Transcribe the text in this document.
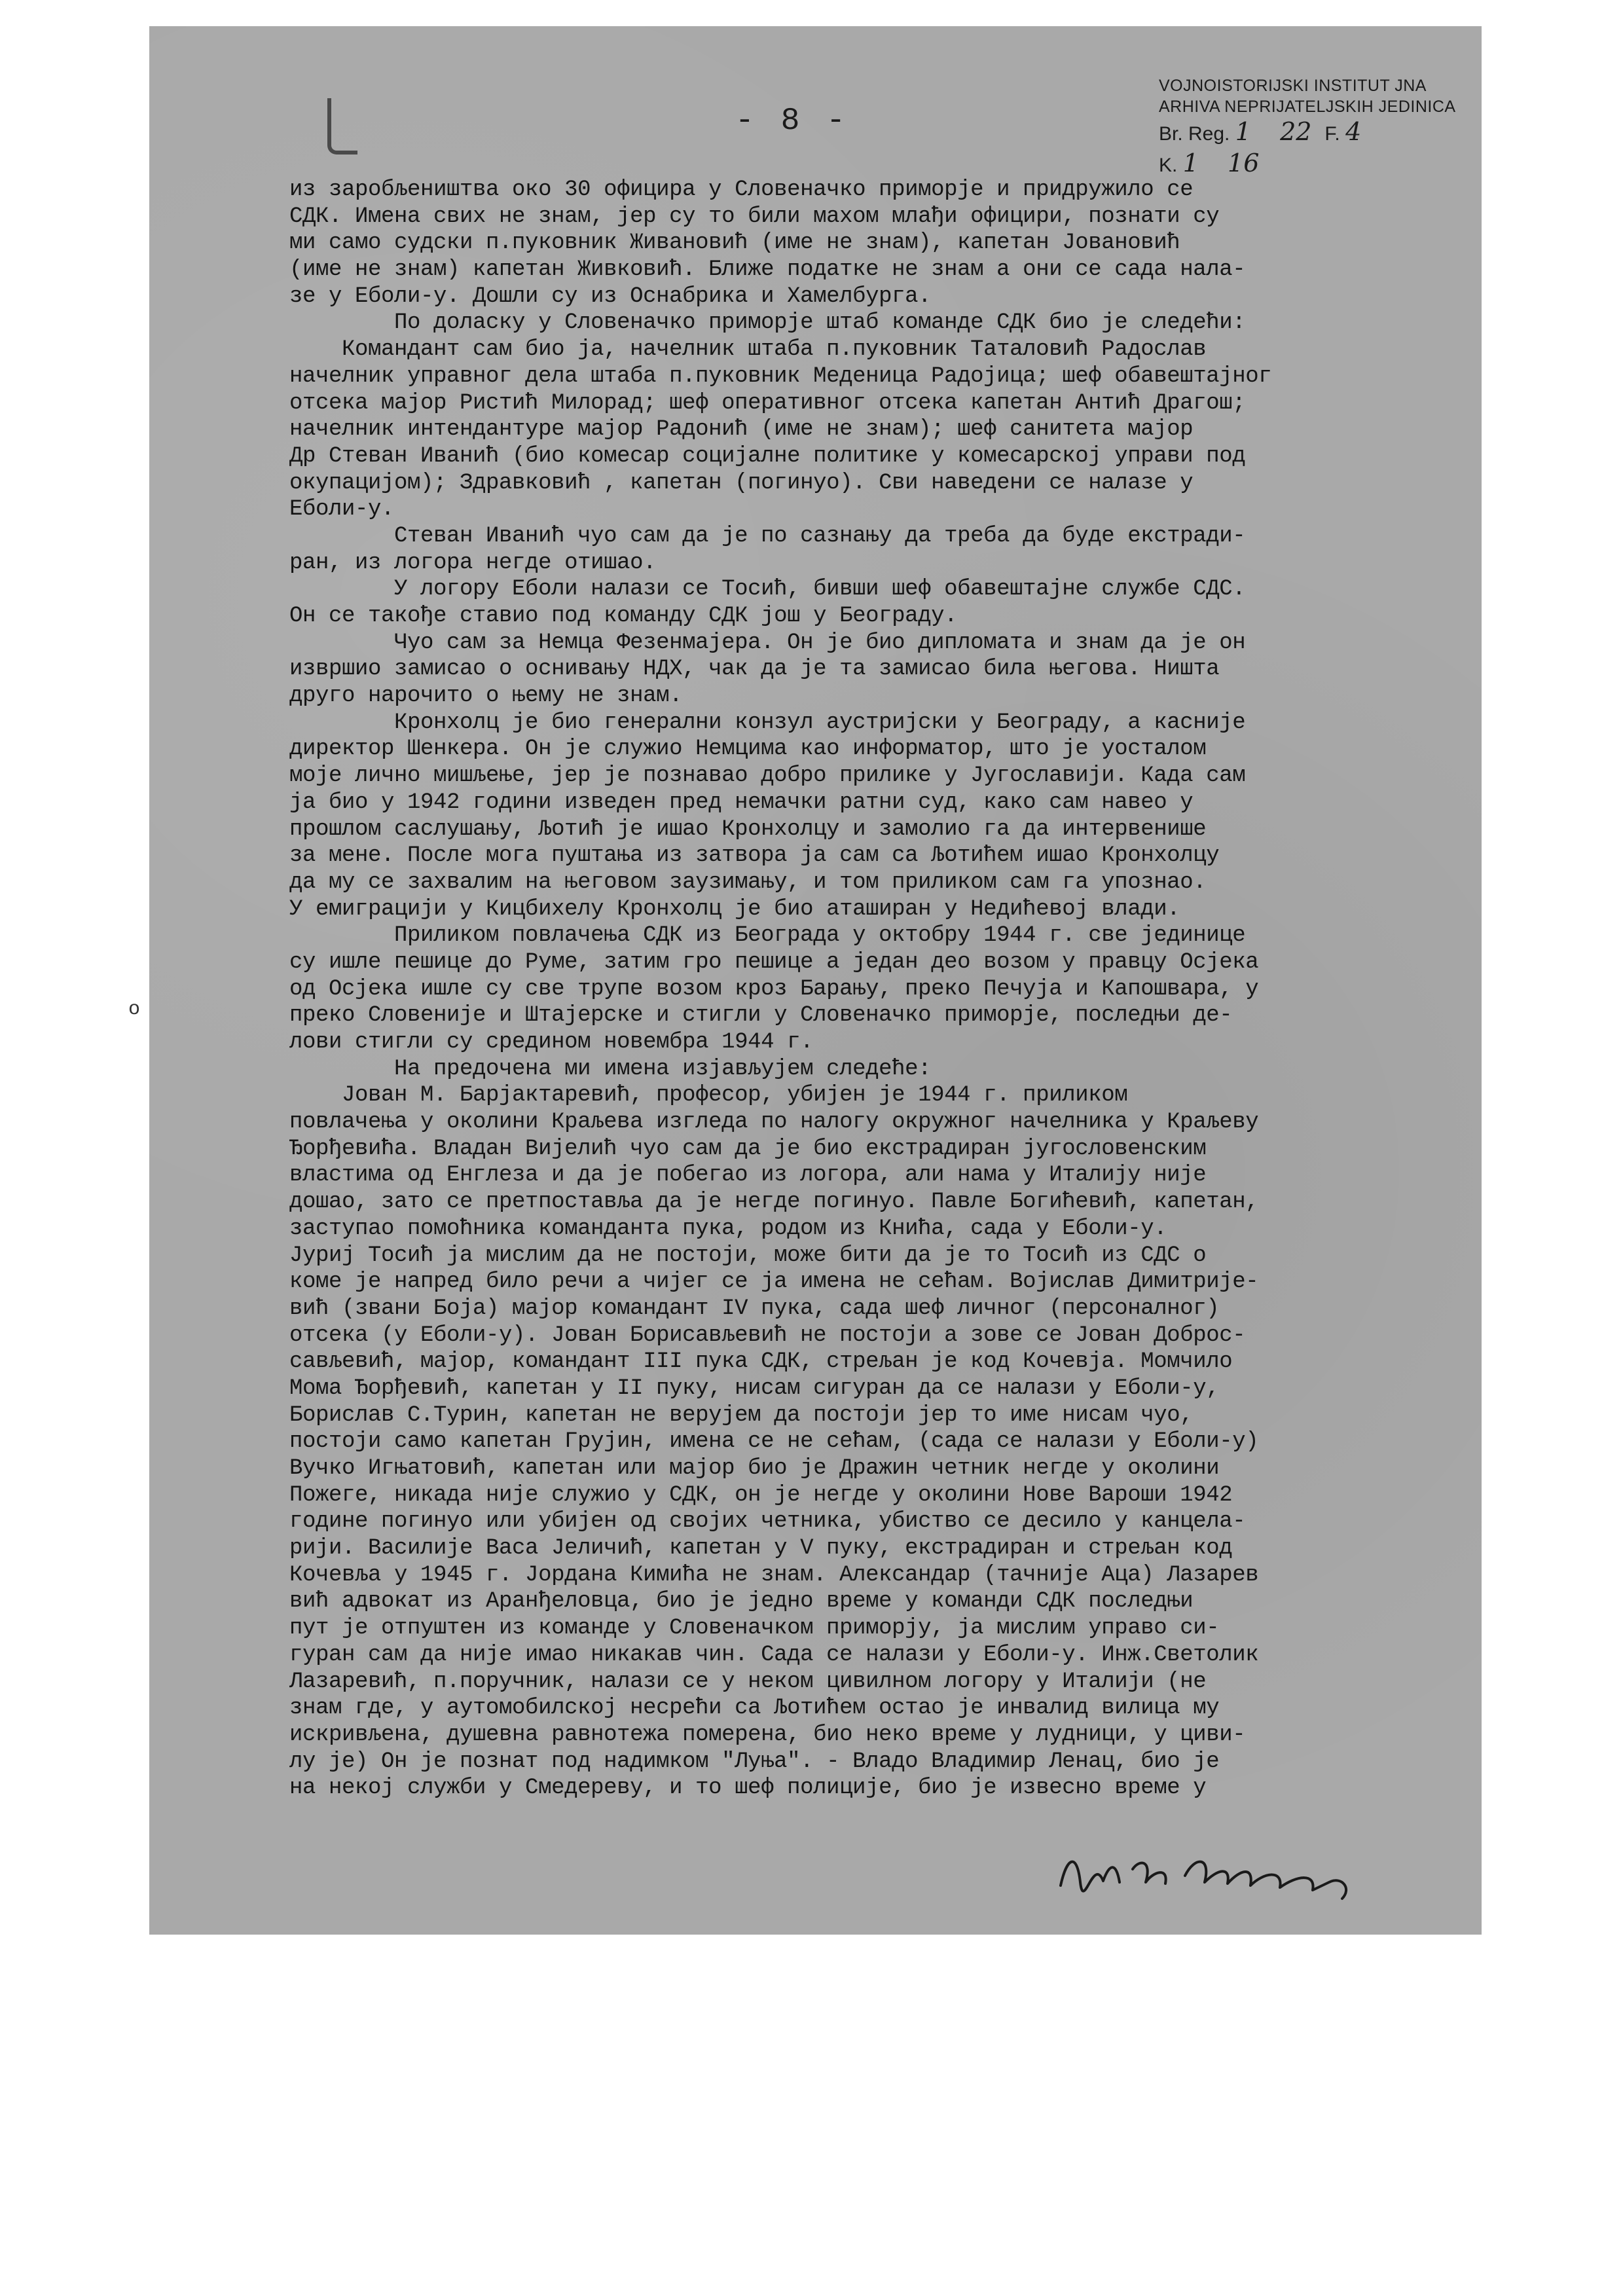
- 8 -
o
VOJNOISTORIJSKI INSTITUT JNA
ARHIVA NEPRIJATELJSKIH JEDINICA
Br. Reg. 1 22 F. 4
K. 1 16
из заробљеништва око 30 официра у Словеначко приморје и придружило се
СДК. Имена свих не знам, јер су то били махом млађи официри, познати су
ми само судски п.пуковник Живановић (име не знам), капетан Јовановић
(име не знам) капетан Живковић. Ближе податке не знам а они се сада нала-
зе у Еболи-у. Дошли су из Оснабрика и Хамелбурга.
По доласку у Словеначко приморје штаб команде СДК био је следећи:
Командант сам био ја, начелник штаба п.пуковник Таталовић Радослав
начелник управног дела штаба п.пуковник Меденица Радојица; шеф обавештајног
отсека мајор Ристић Милорад; шеф оперативног отсека капетан Антић Драгош;
начелник интендантуре мајор Радонић (име не знам); шеф санитета мајор
Др Стеван Иванић (био комесар социјалне политике у комесарској управи под
окупацијом); Здравковић , капетан (погинуо). Сви наведени се налазе у
Еболи-у.
Стеван Иванић чуо сам да је по сазнању да треба да буде екстради-
ран, из логора негде отишао.
У логору Еболи налази се Тосић, бивши шеф обавештајне службе СДС.
Он се такође ставио под команду СДК још у Београду.
Чуо сам за Немца Фезенмајера. Он је био дипломата и знам да је он
извршио замисао о оснивању НДХ, чак да је та замисао била његова. Ништа
друго нарочито о њему не знам.
Кронхолц је био генерални конзул аустријски у Београду, а касније
директор Шенкера. Он је служио Немцима као информатор, што је уосталом
моје лично мишљење, јер је познавао добро прилике у Југославији. Када сам
ја био у 1942 години изведен пред немачки ратни суд, како сам навео у
прошлом саслушању, Љотић је ишао Кронхолцу и замолио га да интервенише
за мене. После мога пуштања из затвора ја сам са Љотићем ишао Кронхолцу
да му се захвалим на његовом заузимању, и том приликом сам га упознао.
У емиграцији у Кицбихелу Кронхолц је био аташиран у Недићевој влади.
Приликом повлачења СДК из Београда у октобру 1944 г. све јединице
су ишле пешице до Руме, затим гро пешице а један део возом у правцу Осјека
од Осјека ишле су све трупе возом кроз Барању, преко Печуја и Капошвара, у
преко Словеније и Штајерске и стигли у Словеначко приморје, последњи де-
лови стигли су средином новембра 1944 г.
На предочена ми имена изјављујем следеће:
Јован М. Барјактаревић, професор, убијен је 1944 г. приликом
повлачења у околини Краљева изгледа по налогу окружног начелника у Краљеву
Ђорђевића. Владан Вијелић чуо сам да је био екстрадиран југословенским
властима од Енглеза и да је побегао из логора, али нама у Италију није
дошао, зато се претпоставља да је негде погинуо. Павле Богићевић, капетан,
заступао помоћника команданта пука, родом из Кнића, сада у Еболи-у.
Јуриј Тосић ја мислим да не постоји, може бити да је то Тосић из СДС о
коме је напред било речи а чијег се ја имена не сећам. Војислав Димитрије-
вић (звани Боја) мајор командант IV пука, сада шеф личног (персоналног)
отсека (у Еболи-у). Јован Борисављевић не постоји а зове се Јован Доброс-
сављевић, мајор, командант III пука СДК, стрељан је код Кочевја. Момчило
Мома Ђорђевић, капетан у II пуку, нисам сигуран да се налази у Еболи-у,
Борислав С.Турин, капетан не верујем да постоји јер то име нисам чуо,
постоји само капетан Грујин, имена се не сећам, (сада се налази у Еболи-у)
Вучко Игњатовић, капетан или мајор био је Дражин четник негде у околини
Пожеге, никада није служио у СДК, он је негде у околини Нове Вароши 1942
године погинуо или убијен од својих четника, убиство се десило у канцела-
рији. Василије Васа Јеличић, капетан у V пуку, екстрадиран и стрељан код
Кочевља у 1945 г. Јордана Кимића не знам. Александар (тачније Аца) Лазарев
вић адвокат из Аранђеловца, био је једно време у команди СДК последњи
пут је отпуштен из команде у Словеначком приморју, ја мислим управо си-
гуран сам да није имао никакав чин. Сада се налази у Еболи-у. Инж.Светолик
Лазаревић, п.поручник, налази се у неком цивилном логору у Италији (не
знам где, у аутомобилској несрећи са Љотићем остао је инвалид вилица му
искривљена, душевна равнотежа померена, био неко време у лудници, у циви-
лу је) Он је познат под надимком "Луња". - Владо Владимир Ленац, био је
на некој служби у Смедереву, и то шеф полиције, био је извесно време у
